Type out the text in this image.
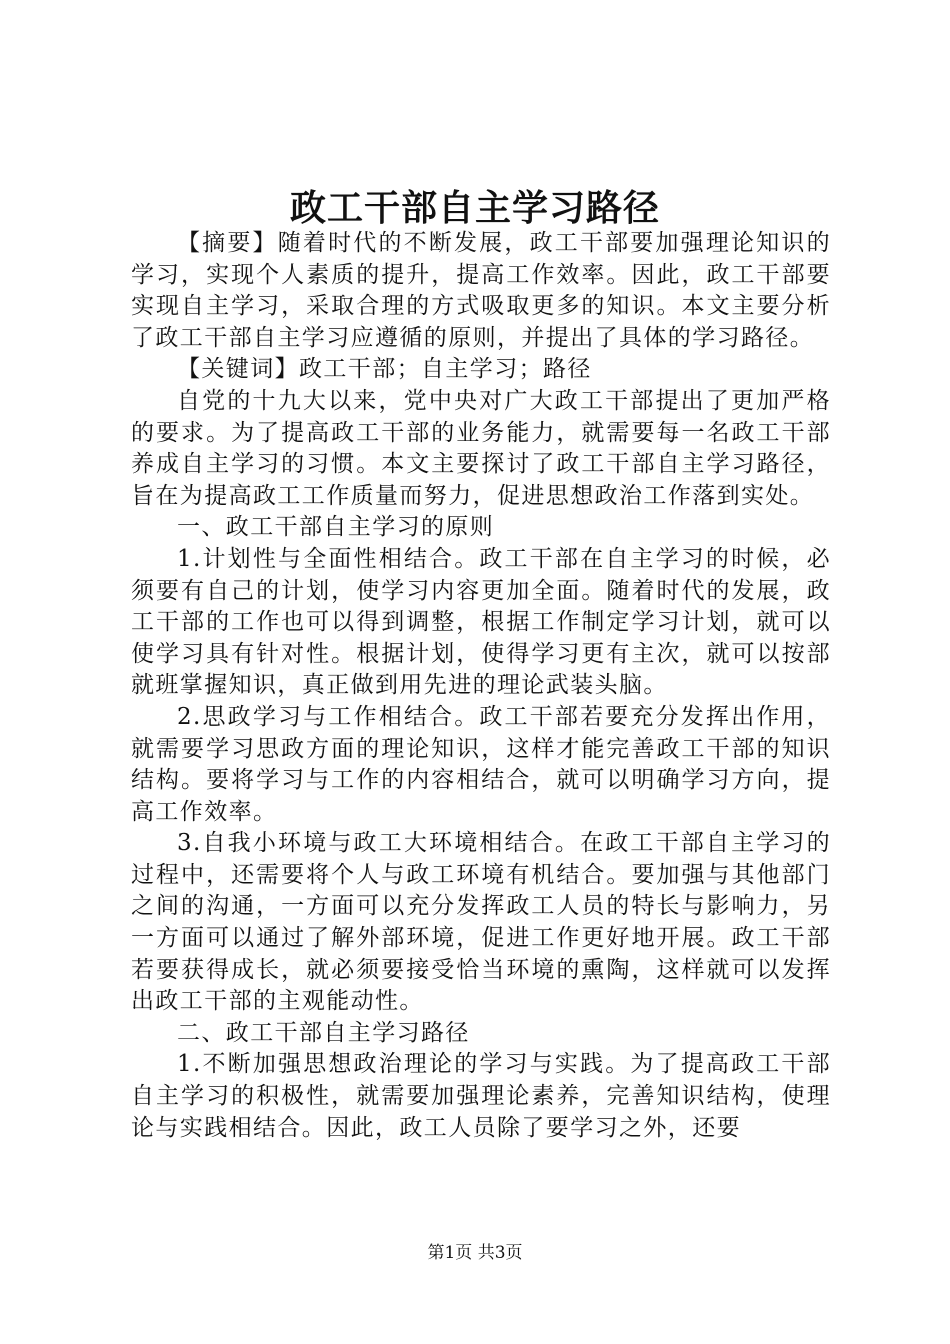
政工干部自主学习路径

【摘要】随着时代的不断发展，政工干部要加强理论知识的学习，实现个人素质的提升，提高工作效率。因此，政工干部要实现自主学习，采取合理的方式吸取更多的知识。本文主要分析了政工干部自主学习应遵循的原则，并提出了具体的学习路径。

【关键词】政工干部；自主学习；路径

自党的十九大以来，党中央对广大政工干部提出了更加严格的要求。为了提高政工干部的业务能力，就需要每一名政工干部养成自主学习的习惯。本文主要探讨了政工干部自主学习路径，旨在为提高政工工作质量而努力，促进思想政治工作落到实处。

一、政工干部自主学习的原则

1.计划性与全面性相结合。政工干部在自主学习的时候，必须要有自己的计划，使学习内容更加全面。随着时代的发展，政工干部的工作也可以得到调整，根据工作制定学习计划，就可以使学习具有针对性。根据计划，使得学习更有主次，就可以按部就班掌握知识，真正做到用先进的理论武装头脑。

2.思政学习与工作相结合。政工干部若要充分发挥出作用，就需要学习思政方面的理论知识，这样才能完善政工干部的知识结构。要将学习与工作的内容相结合，就可以明确学习方向，提高工作效率。

3.自我小环境与政工大环境相结合。在政工干部自主学习的过程中，还需要将个人与政工环境有机结合。要加强与其他部门之间的沟通，一方面可以充分发挥政工人员的特长与影响力，另一方面可以通过了解外部环境，促进工作更好地开展。政工干部若要获得成长，就必须要接受恰当环境的熏陶，这样就可以发挥出政工干部的主观能动性。

二、政工干部自主学习路径

1.不断加强思想政治理论的学习与实践。为了提高政工干部自主学习的积极性，就需要加强理论素养，完善知识结构，使理论与实践相结合。因此，政工人员除了要学习之外，还要

第1页 共3页
